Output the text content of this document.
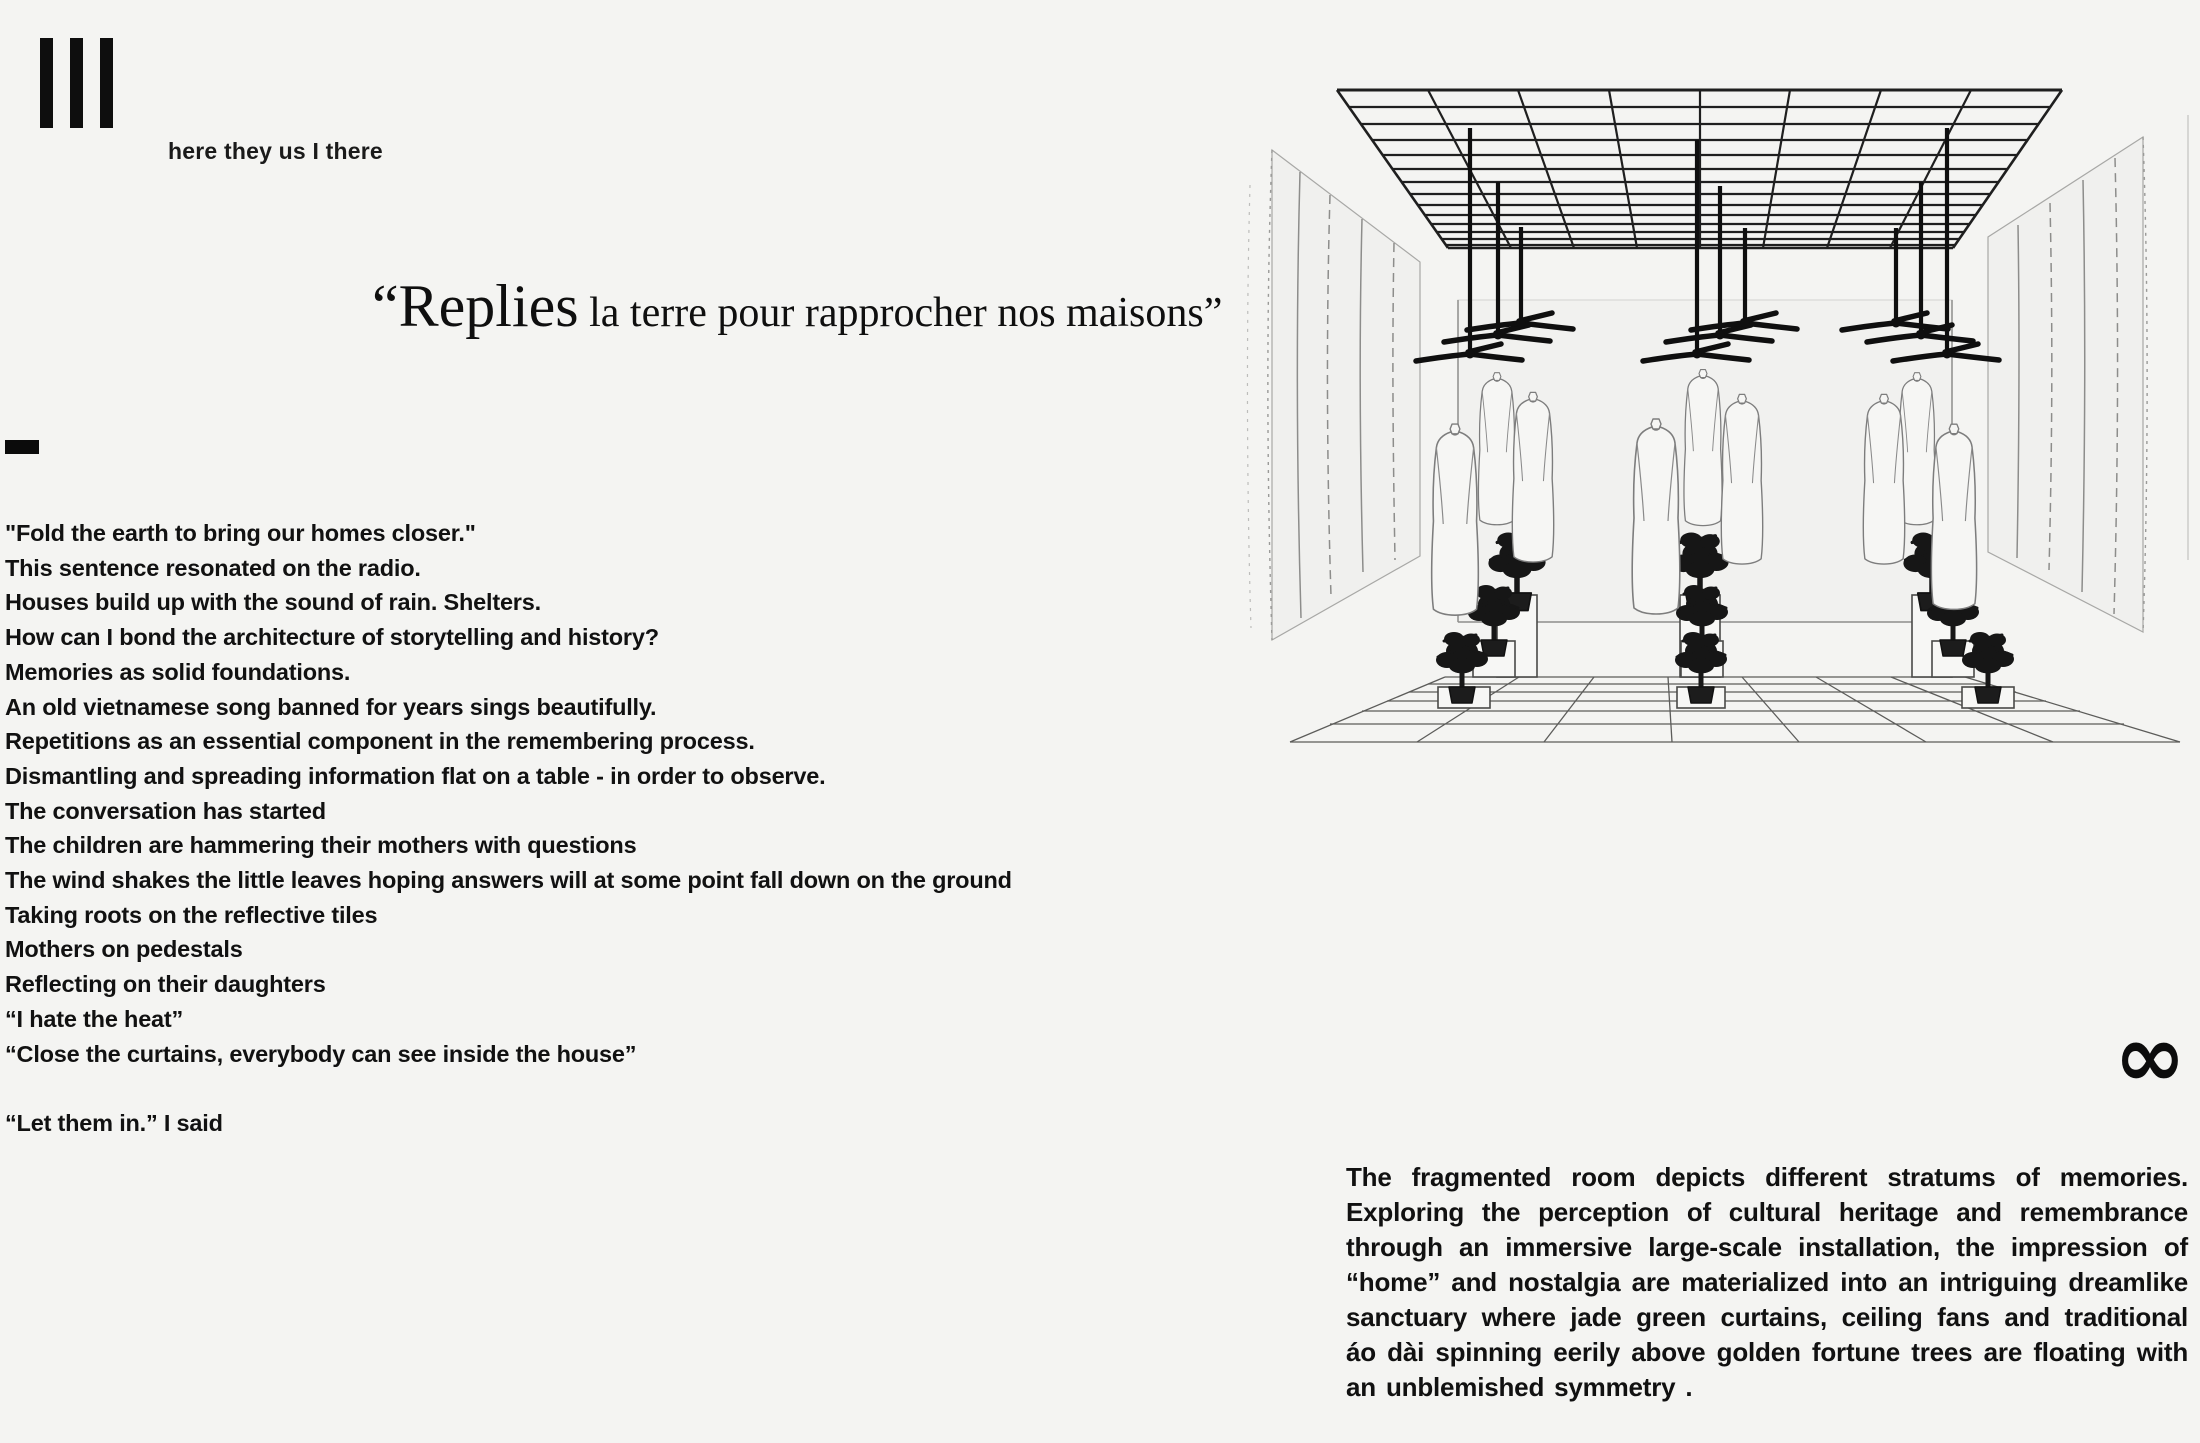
here they us I there
“Replies la terre pour rapprocher nos maisons”
"Fold the earth to bring our homes closer."
This sentence resonated on the radio.
Houses build up with the sound of rain. Shelters.
How can I bond the architecture of storytelling and history?
Memories as solid foundations.
An old vietnamese song banned for years sings beautifully.
Repetitions as an essential component in the remembering process.
Dismantling and spreading information flat on a table - in order to observe.
The conversation has started
The children are hammering their mothers with questions
The wind shakes the little leaves hoping answers will at some point fall down on the ground
Taking roots on the reflective tiles
Mothers on pedestals
Reflecting on their daughters
“I hate the heat”
“Close the curtains, everybody can see inside the house”
“Let them in.” I said
∞
The fragmented room depicts different stratums of memories. Exploring the perception of cultural heritage and remembrance through an immersive large-scale installation, the impression of “home” and nostalgia are materialized into an intriguing dreamlike sanctuary where jade green curtains, ceiling fans and traditional áo dài spinning eerily above golden fortune trees are floating with an unblemished symmetry .
